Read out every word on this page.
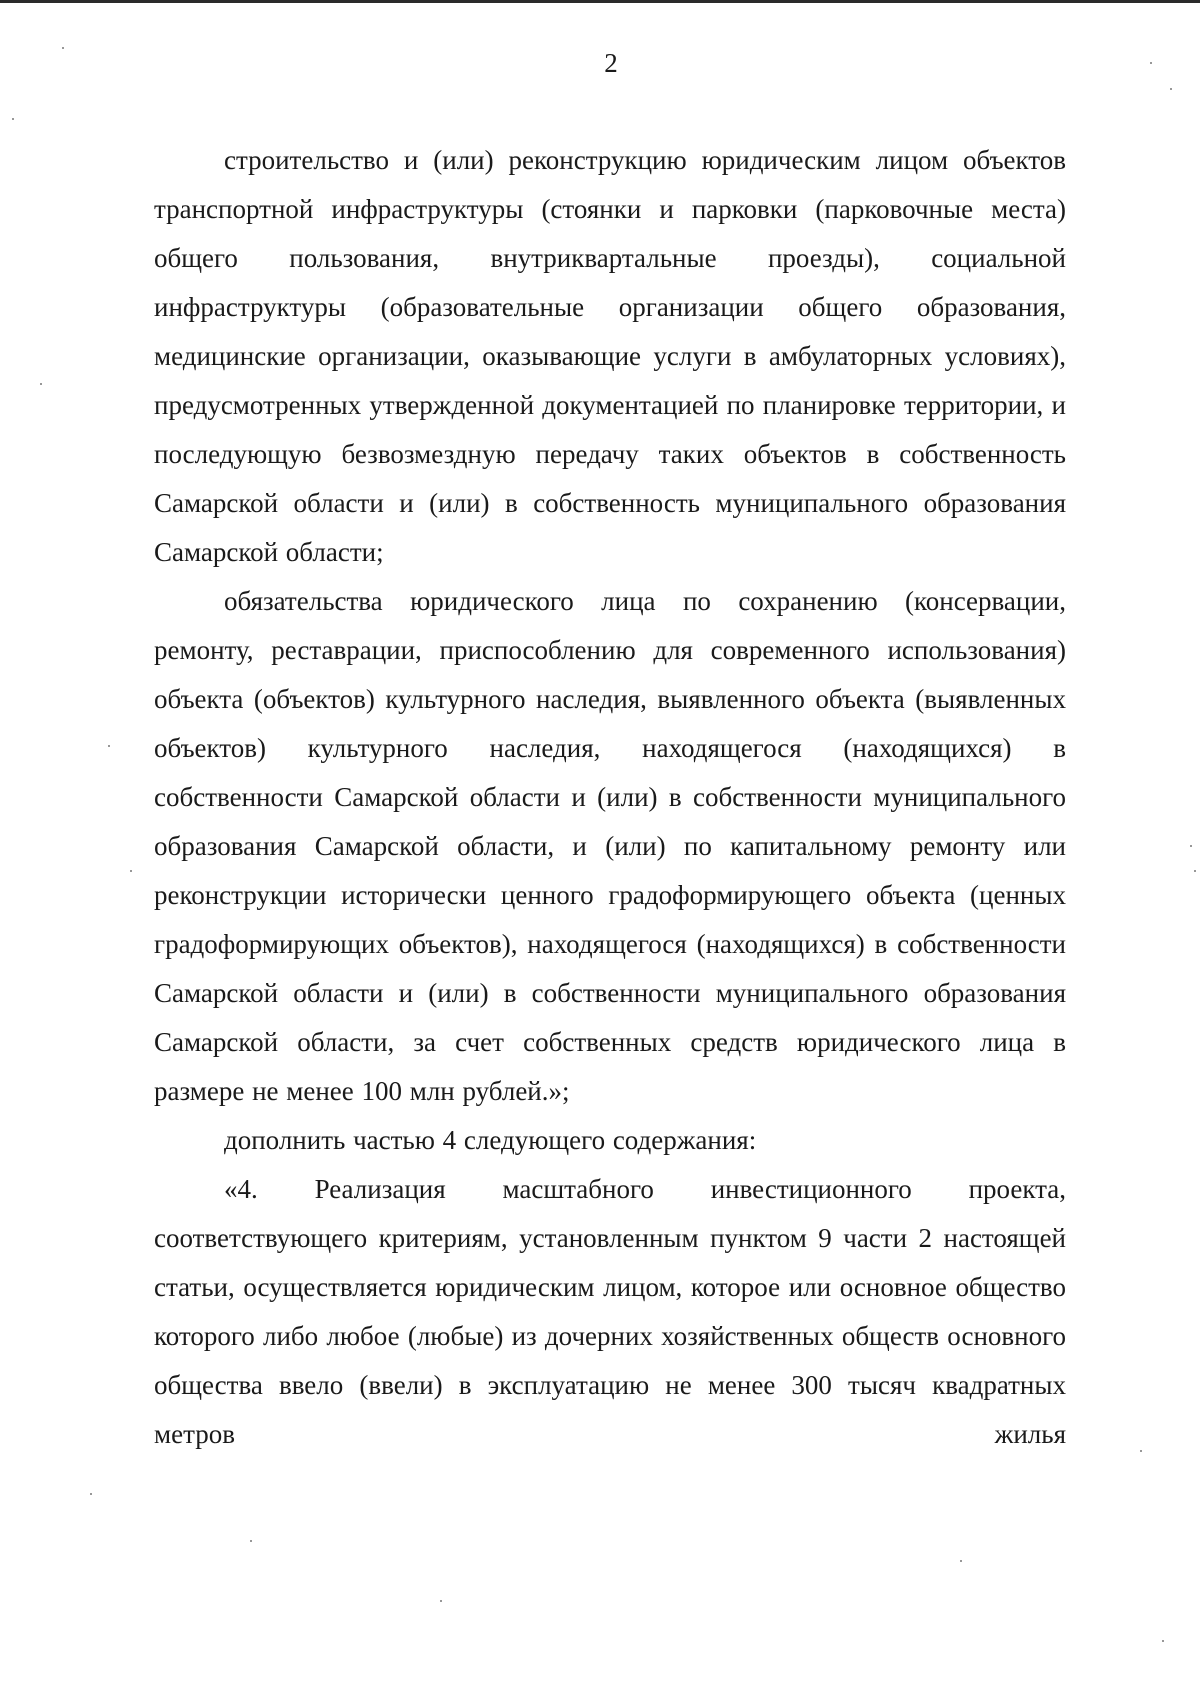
2

строительство и (или) реконструкцию юридическим лицом объектов транспортной инфраструктуры (стоянки и парковки (парковочные места) общего пользования, внутриквартальные проезды), социальной инфраструктуры (образовательные организации общего образования, медицинские организации, оказывающие услуги в амбулаторных условиях), предусмотренных утвержденной документацией по планировке территории, и последующую безвозмездную передачу таких объектов в собственность Самарской области и (или) в собственность муниципального образования Самарской области;

обязательства юридического лица по сохранению (консервации, ремонту, реставрации, приспособлению для современного использования) объекта (объектов) культурного наследия, выявленного объекта (выявленных объектов) культурного наследия, находящегося (находящихся) в собственности Самарской области и (или) в собственности муниципального образования Самарской области, и (или) по капитальному ремонту или реконструкции исторически ценного градоформирующего объекта (ценных градоформирующих объектов), находящегося (находящихся) в собственности Самарской области и (или) в собственности муниципального образования Самарской области, за счет собственных средств юридического лица в размере не менее 100 млн рублей.»;

дополнить частью 4 следующего содержания:

«4. Реализация масштабного инвестиционного проекта, соответствующего критериям, установленным пунктом 9 части 2 настоящей статьи, осуществляется юридическим лицом, которое или основное общество которого либо любое (любые) из дочерних хозяйственных обществ основного общества ввело (ввели) в эксплуатацию не менее 300 тысяч квадратных метров жилья
